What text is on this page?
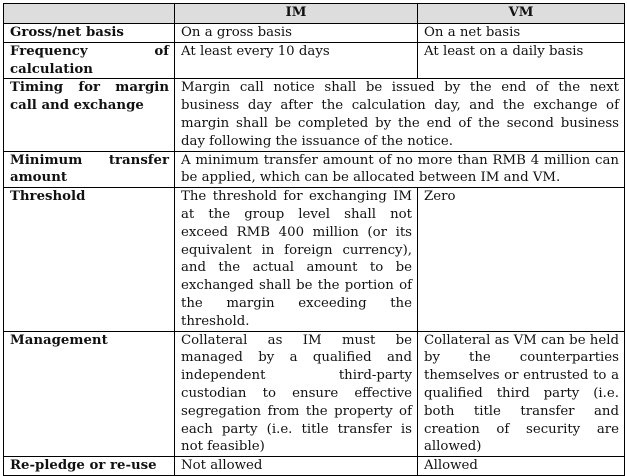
	IM	VM
Gross/net basis	On a gross basis	On a net basis
Frequency of calculation	At least every 10 days	At least on a daily basis
Timing for margin call and exchange	Margin call notice shall be issued by the end of the next business day after the calculation day, and the exchange of margin shall be completed by the end of the second business day following the issuance of the notice.	
Minimum transfer amount	A minimum transfer amount of no more than RMB 4 million can be applied, which can be allocated between IM and VM.	
Threshold	The threshold for exchanging IM at the group level shall not exceed RMB 400 million (or its equivalent in foreign currency), and the actual amount to be exchanged shall be the portion of the margin exceeding the threshold.	Zero
Management	Collateral as IM must be managed by a qualified and independent third-party custodian to ensure effective segregation from the property of each party (i.e. title transfer is not feasible)	Collateral as VM can be held by the counterparties themselves or entrusted to a qualified third party (i.e. both title transfer and creation of security are allowed)
Re-pledge or re-use	Not allowed	Allowed
